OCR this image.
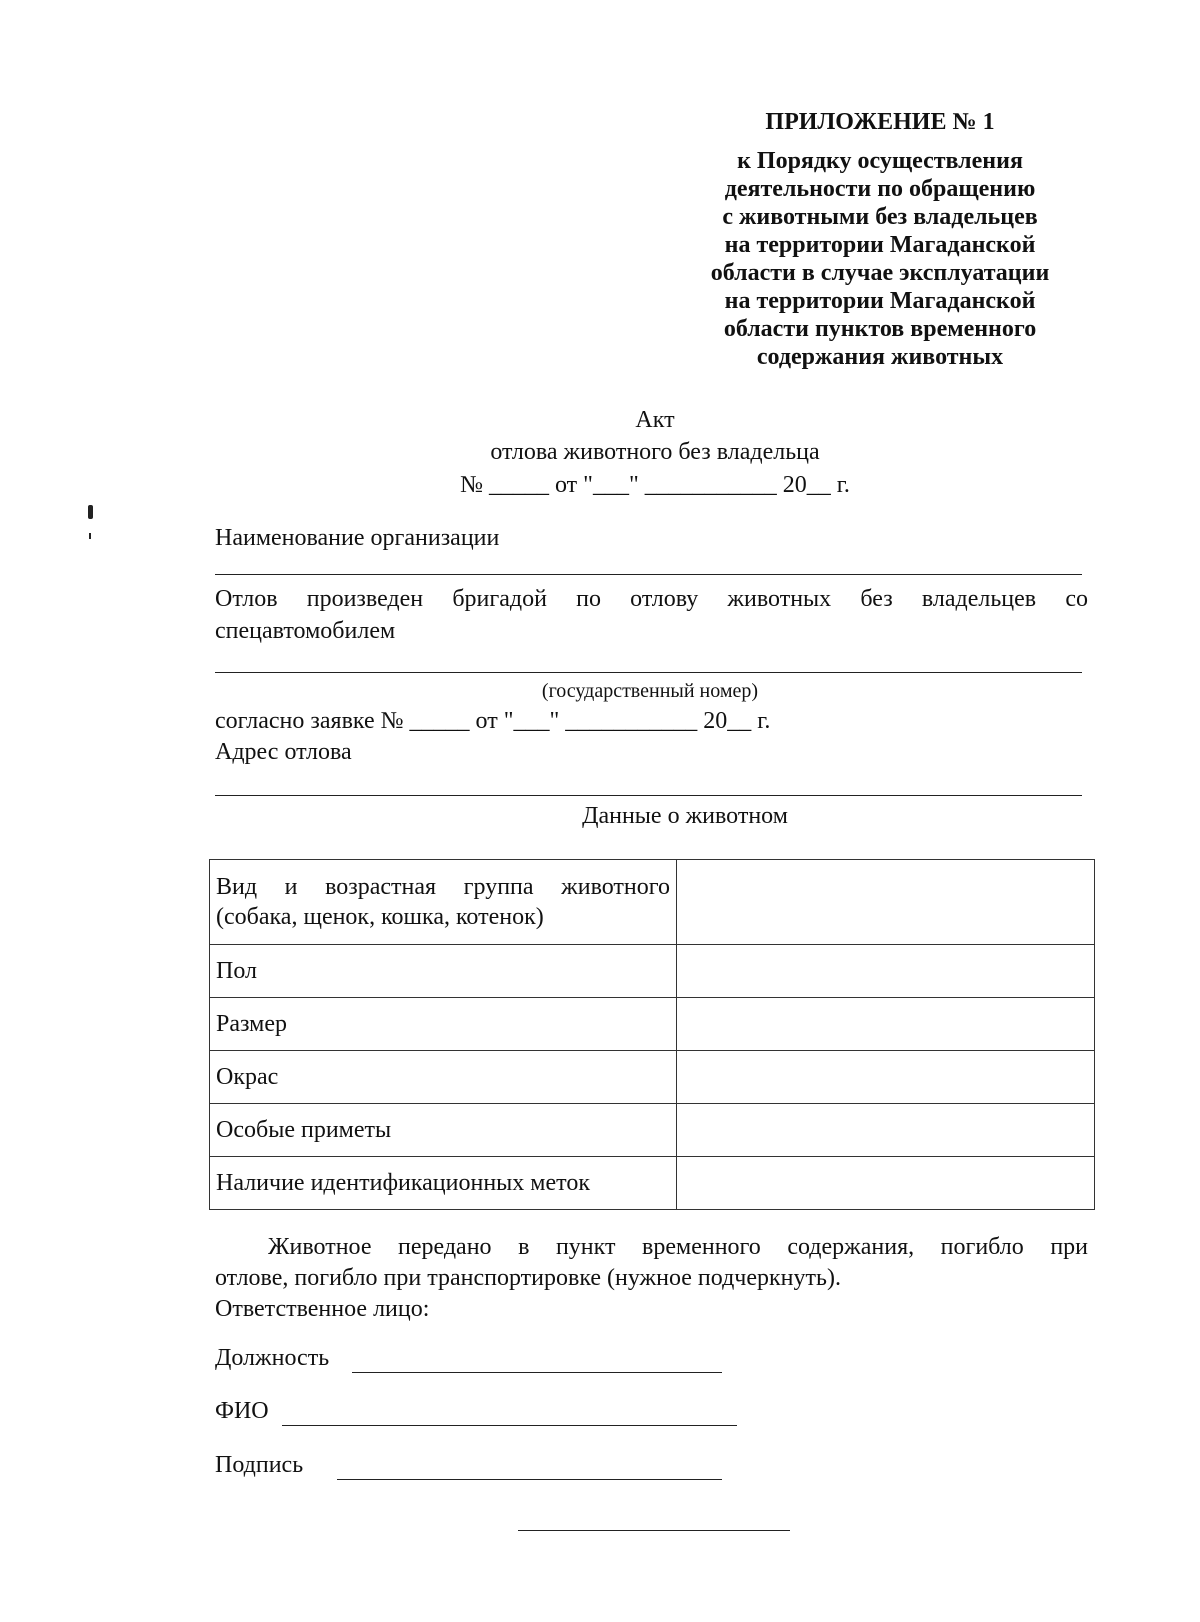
ПРИЛОЖЕНИЕ № 1
к Порядку осуществления
деятельности по обращению
с животными без владельцев
на территории Магаданской
области в случае эксплуатации
на территории Магаданской
области пунктов временного
содержания животных
Акт
отлова животного без владельца
№ _____ от "___" ___________ 20__ г.
Наименование организации
Отлов произведен бригадой по отлову животных без владельцев со
спецавтомобилем
(государственный номер)
согласно заявке № _____ от "___" ___________ 20__ г.
Адрес отлова
Данные о животном
Вид и возрастная группа животного
(собака, щенок, кошка, котенок)	

Пол	
Размер	
Окрас	
Особые приметы	
Наличие идентификационных меток	
Животное передано в пункт временного содержания, погибло при
отлове, погибло при транспортировке (нужное подчеркнуть).
Ответственное лицо:
Должность
ФИО
Подпись
